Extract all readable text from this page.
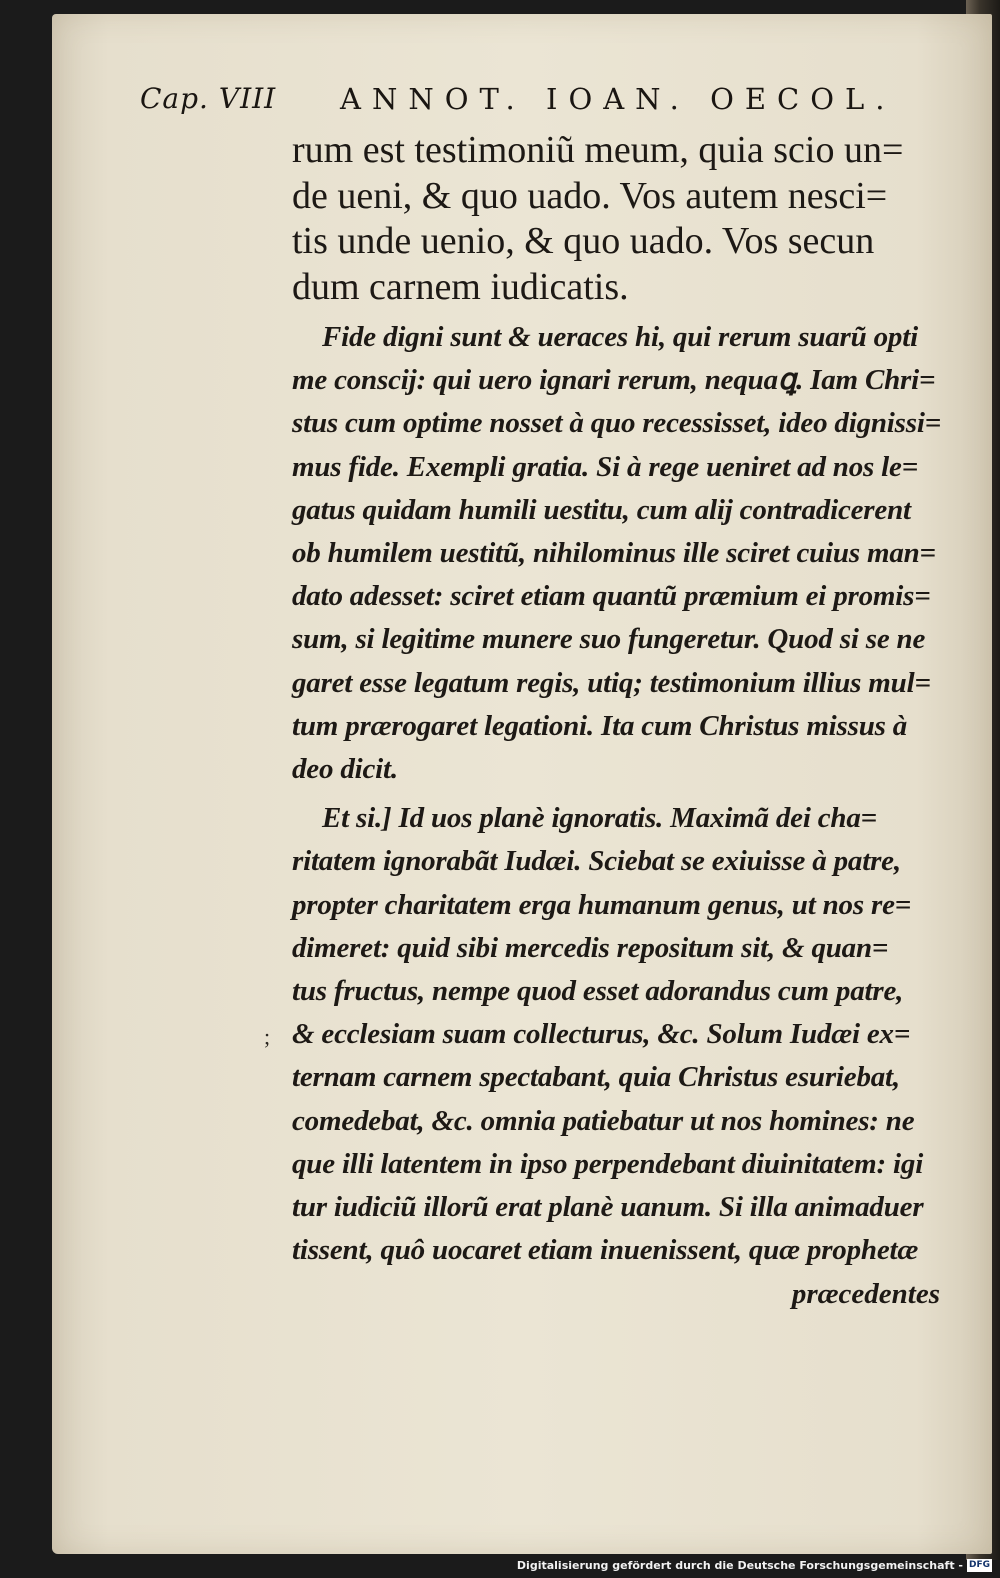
Cap. VIII ANNOT. IOAN. OECOL.

rum est testimoniũ meum, quia scio un=

de ueni, & quo uado. Vos autem nesci=

tis unde uenio, & quo uado. Vos secun

dum carnem iudicatis.

Fide digni sunt & ueraces hi, qui rerum suarũ opti

me conscij: qui uero ignari rerum, nequaꝗ. Iam Chri=

stus cum optime nosset à quo recessisset, ideo dignissi=

mus fide. Exempli gratia. Si à rege ueniret ad nos le=

gatus quidam humili uestitu, cum alij contradicerent

ob humilem uestitũ, nihilominus ille sciret cuius man=

dato adesset: sciret etiam quantũ præmium ei promis=

sum, si legitime munere suo fungeretur. Quod si se ne

garet esse legatum regis, utiq; testimonium illius mul=

tum prærogaret legationi. Ita cum Christus missus à

deo dicit.

Et si.] Id uos planè ignoratis. Maximã dei cha=

ritatem ignorabãt Iudæi. Sciebat se exiuisse à patre,

propter charitatem erga humanum genus, ut nos re=

dimeret: quid sibi mercedis repositum sit, & quan=

tus fructus, nempe quod esset adorandus cum patre,

& ecclesiam suam collecturus, &c. Solum Iudæi ex=

ternam carnem spectabant, quia Christus esuriebat,

comedebat, &c. omnia patiebatur ut nos homines: ne

que illi latentem in ipso perpendebant diuinitatem: igi

tur iudiciũ illorũ erat planè uanum. Si illa animaduer

tissent, quô uocaret etiam inuenissent, quæ prophetæ

præcedentes

;
Digitalisierung gefördert durch die Deutsche Forschungsgemeinschaft - DFG
